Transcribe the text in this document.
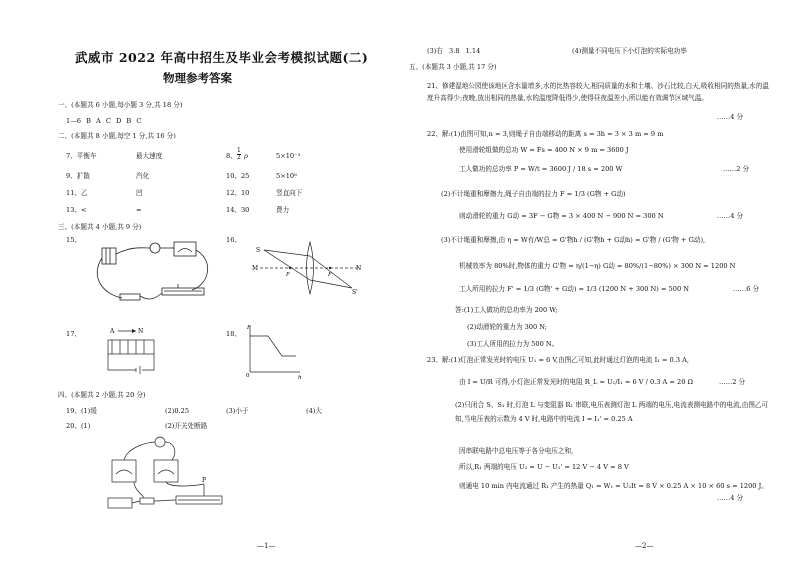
武威市 2022 年高中招生及毕业会考模拟试题(二)
物理参考答案
一、(本题共 6 小题,每小题 3 分,共 18 分)
1—6 B A C D B C
二、(本题共 8 小题,每空 1 分,共 16 分)
7、平衡车	最大速度	8、 $\frac{1}{2}$ ρ	5×10⁻³
9、扩散	汽化	10、25	5×10⁸
11、乙	凹	12、10	竖直向下
13、<	=	14、30	费力
三、(本题共 4 小题,共 9 分)
15、	16、
S
M	N
F	F
S'
17、	18、
A	N	F
0	h
四、(本题共 2 小题,共 20 分)
19、(1)缓	(2)0.25	(3)小于	(4)大
20、(1)	(2)开关处断路
P
—1—
(3)右 3.8 1.14	(4)测量不同电压下小灯泡的实际电功率
五、(本题共 3 小题,共 17 分)
21、修建湿地公园使该地区含水量增多,水的比热容较大,相同质量的水和土壤、沙石比较,白天,吸收相同的热量,水的温度升高得少;夜晚,放出相同的热量,水的温度降低得少,使得昼夜温差小,所以能有效调节区域气温。
……4 分
22、解:(1)由图可知,n = 3,则绳子自由端移动的距离 s = 3h = 3 × 3 m = 9 m
使用滑轮组做的总功 W = Fs = 400 N × 9 m = 3600 J
工人做功的总功率 P = W/t = 3600 J / 18 s = 200 W	……2 分
(2)不计绳重和摩擦力,绳子自由端的拉力 F = 1/3 (G物 + G动)
则动滑轮的重力 G动 = 3F − G物 = 3 × 400 N − 900 N = 300 N	……4 分
(3)不计绳重和摩擦,由 η = W有/W总 = G'物h / (G'物h + G动h) = G'物 / (G'物 + G动),
机械效率为 80%时,物体的重力 G'物 = η/(1−η) G动 = 80%/(1−80%) × 300 N = 1200 N
工人所用的拉力 F' = 1/3 (G物' + G动) = 1/3 (1200 N + 300 N) = 500 N	……6 分
答:(1)工人做功的总功率为 200 W;
(2)动滑轮的重力为 300 N;
(3)工人所用的拉力为 500 N。
23、解:(1)灯泡正常发光时的电压 U₁ = 6 V,由图乙可知,此时通过灯泡的电流 I₁ = 0.3 A,
由 I = U/R 可得,小灯泡正常发光时的电阻 R_L = U₁/I₁ = 6 V / 0.3 A = 20 Ω	……2 分
(2)只闭合 S、S₁ 时,灯泡 L 与变阻器 R₁ 串联,电压表测灯泡 L 两端的电压,电流表测电路中的电流,由图乙可知,当电压表的示数为 4 V 时,电路中的电流 I = I₁' = 0.25 A
因串联电路中总电压等于各分电压之和,
所以,R₁ 两端的电压 U₂ = U − U₁' = 12 V − 4 V = 8 V
则通电 10 min 内电流通过 R₁ 产生的热量 Q₁ = W₁ = U₂It = 8 V × 0.25 A × 10 × 60 s = 1200 J。
……4 分
—2—
